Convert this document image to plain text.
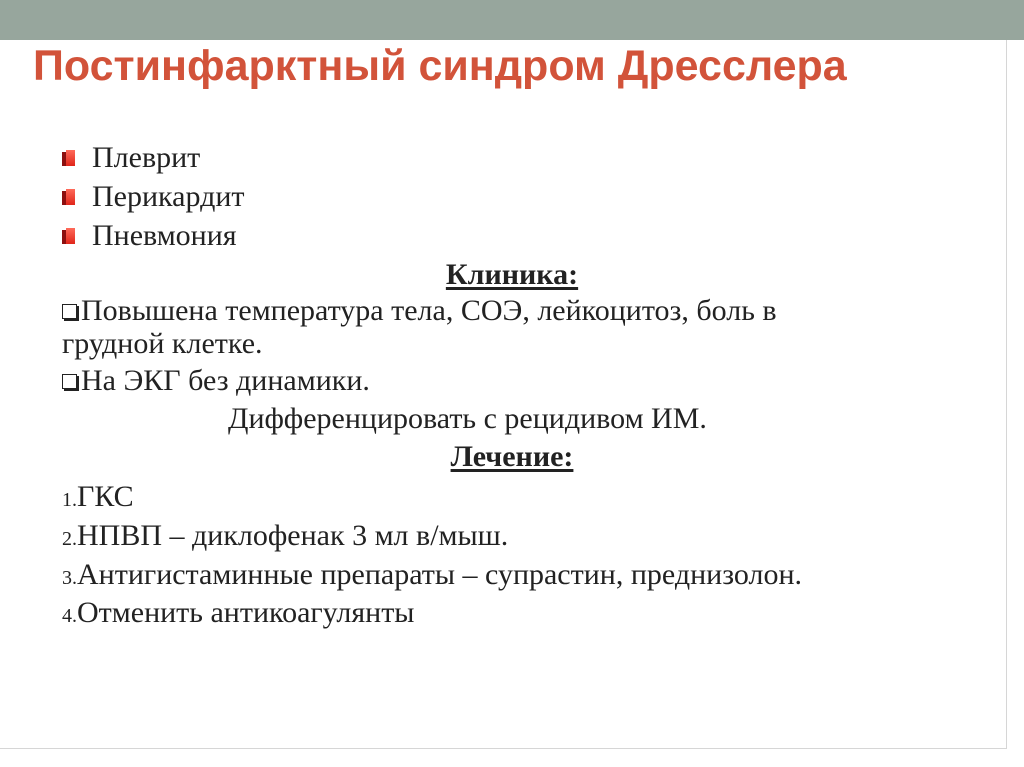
Постинфарктный синдром Дресслера
Плеврит
Перикардит
Пневмония
Клиника:
Повышена температура тела, СОЭ, лейкоцитоз, боль в
грудной клетке.
На ЭКГ без динамики.
Дифференцировать с рецидивом ИМ.
Лечение:
1.ГКС
2.НПВП – диклофенак 3 мл в/мыш.
3.Антигистаминные препараты – супрастин, преднизолон.
4.Отменить антикоагулянты
